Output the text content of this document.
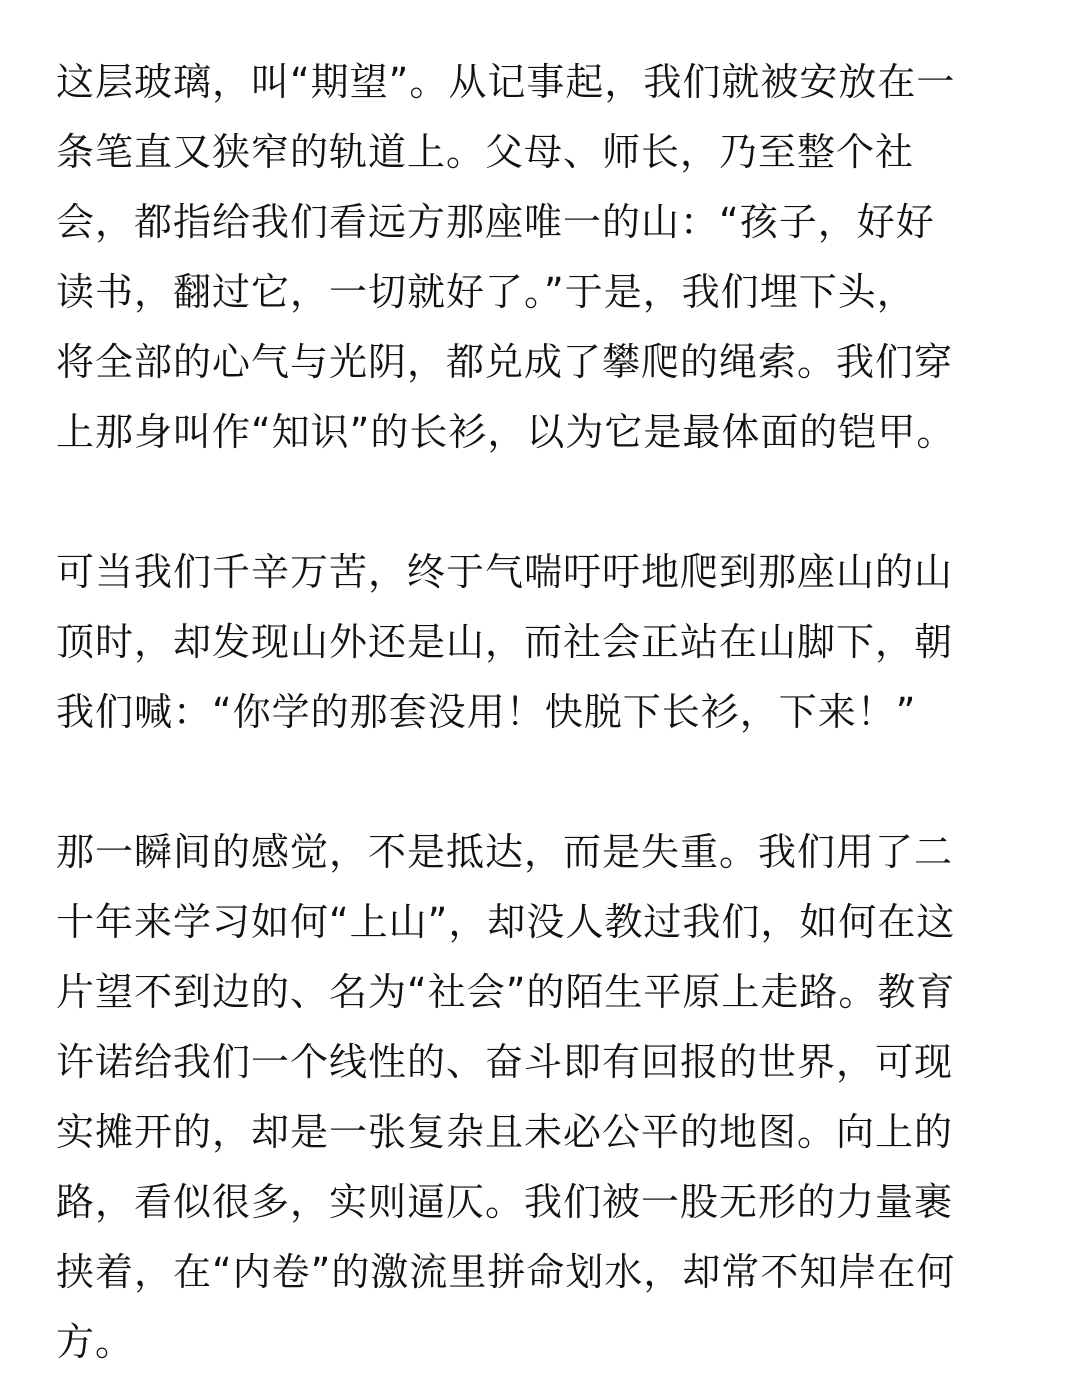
这层玻璃，叫“期望”。从记事起，我们就被安放在一
条笔直又狭窄的轨道上。父母、师长，乃至整个社
会，都指给我们看远方那座唯一的山：“孩子，好好
读书，翻过它，一切就好了。”于是，我们埋下头，
将全部的心气与光阴，都兑成了攀爬的绳索。我们穿
上那身叫作“知识”的长衫，以为它是最体面的铠甲。
可当我们千辛万苦，终于气喘吁吁地爬到那座山的山
顶时，却发现山外还是山，而社会正站在山脚下，朝
我们喊：“你学的那套没用！快脱下长衫，下来！”
那一瞬间的感觉，不是抵达，而是失重。我们用了二
十年来学习如何“上山”，却没人教过我们，如何在这
片望不到边的、名为“社会”的陌生平原上走路。教育
许诺给我们一个线性的、奋斗即有回报的世界，可现
实摊开的，却是一张复杂且未必公平的地图。向上的
路，看似很多，实则逼仄。我们被一股无形的力量裹
挟着，在“内卷”的激流里拼命划水，却常不知岸在何
方。
